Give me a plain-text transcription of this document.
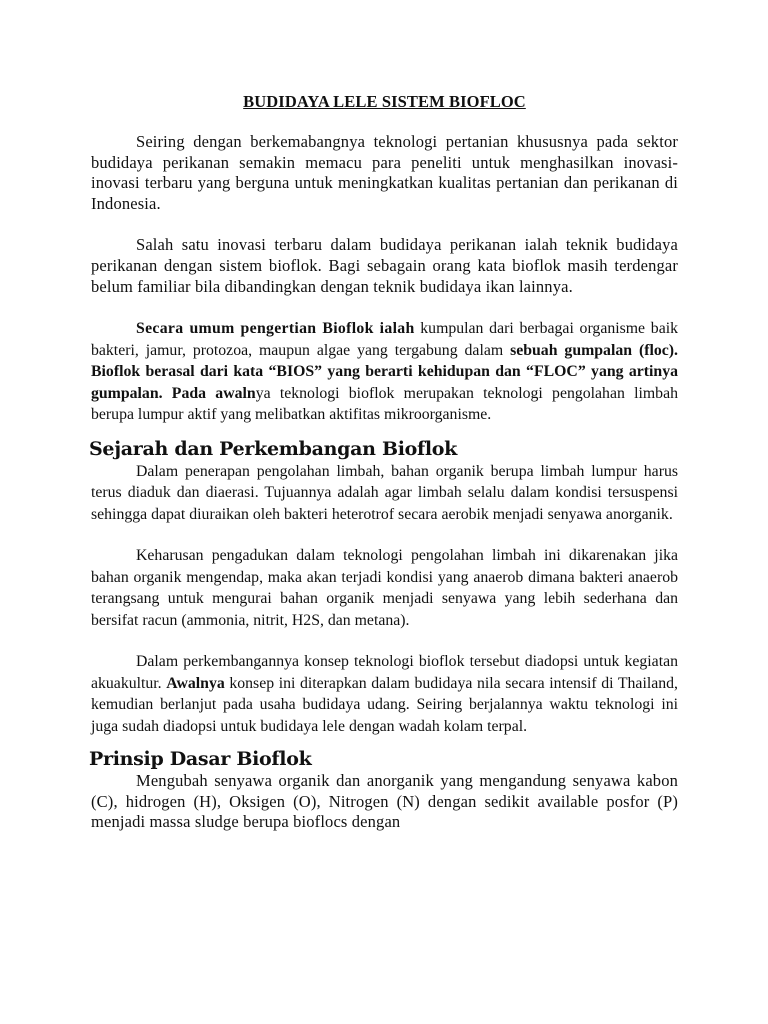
BUDIDAYA LELE SISTEM BIOFLOC

Seiring dengan berkemabangnya teknologi pertanian khususnya pada sektor budidaya perikanan semakin memacu para peneliti untuk menghasilkan inovasi-inovasi terbaru yang berguna untuk meningkatkan kualitas pertanian dan perikanan di Indonesia.

Salah satu inovasi terbaru dalam budidaya perikanan ialah teknik budidaya perikanan dengan sistem bioflok. Bagi sebagain orang kata bioflok masih terdengar belum familiar bila dibandingkan dengan teknik budidaya ikan lainnya.

Secara umum pengertian Bioflok ialah kumpulan dari berbagai organisme baik bakteri, jamur, protozoa, maupun algae yang tergabung dalam sebuah gumpalan (floc). Bioflok berasal dari kata “BIOS” yang berarti kehidupan dan “FLOC” yang artinya gumpalan. Pada awalnya teknologi bioflok merupakan teknologi pengolahan limbah berupa lumpur aktif yang melibatkan aktifitas mikroorganisme.

Sejarah dan Perkembangan Bioflok

Dalam penerapan pengolahan limbah, bahan organik berupa limbah lumpur harus terus diaduk dan diaerasi. Tujuannya adalah agar limbah selalu dalam kondisi tersuspensi sehingga dapat diuraikan oleh bakteri heterotrof secara aerobik menjadi senyawa anorganik.

Keharusan pengadukan dalam teknologi pengolahan limbah ini dikarenakan jika bahan organik mengendap, maka akan terjadi kondisi yang anaerob dimana bakteri anaerob terangsang untuk mengurai bahan organik menjadi senyawa yang lebih sederhana dan bersifat racun (ammonia, nitrit, H2S, dan metana).

Dalam perkembangannya konsep teknologi bioflok tersebut diadopsi untuk kegiatan akuakultur. Awalnya konsep ini diterapkan dalam budidaya nila secara intensif di Thailand, kemudian berlanjut pada usaha budidaya udang. Seiring berjalannya waktu teknologi ini juga sudah diadopsi untuk budidaya lele dengan wadah kolam terpal.

Prinsip Dasar Bioflok

Mengubah senyawa organik dan anorganik yang mengandung senyawa kabon (C), hidrogen (H), Oksigen (O), Nitrogen (N) dengan sedikit available posfor (P) menjadi massa sludge berupa bioflocs dengan
